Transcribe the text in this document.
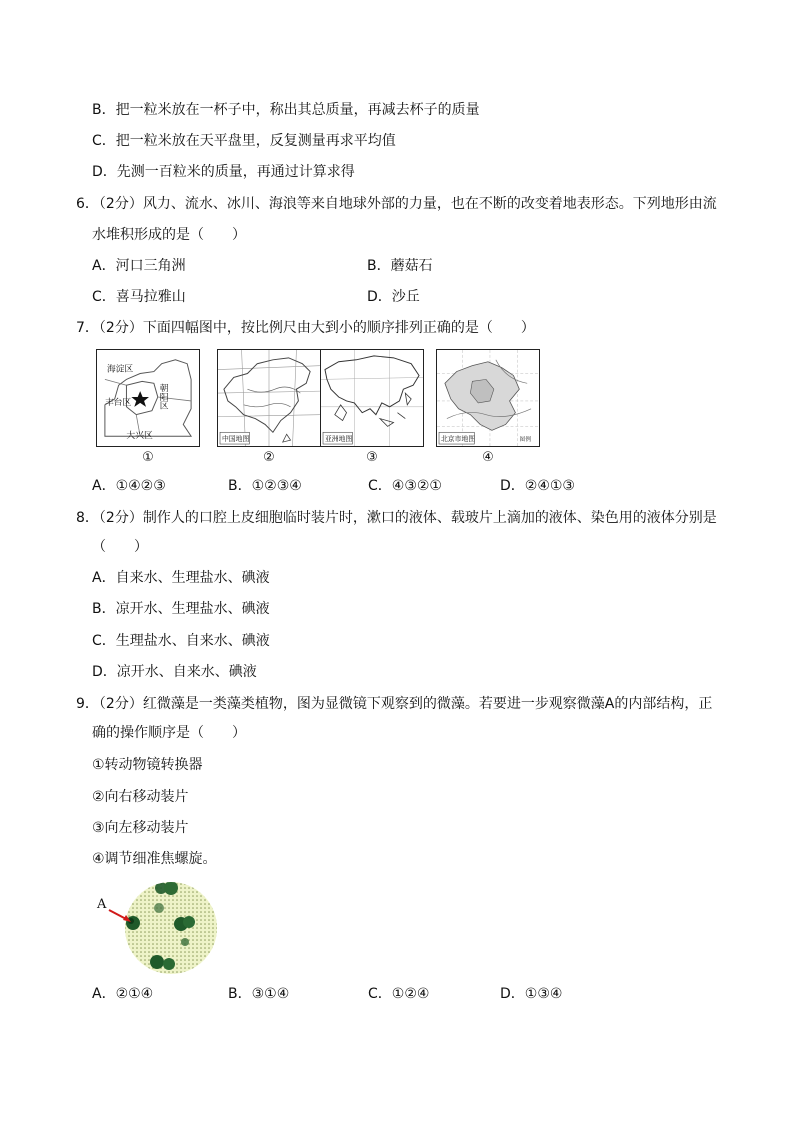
B．把一粒米放在一杯子中，称出其总质量，再减去杯子的质量
C．把一粒米放在天平盘里，反复测量再求平均值
D．先测一百粒米的质量，再通过计算求得
6．（2分）风力、流水、冰川、海浪等来自地球外部的力量，也在不断的改变着地表形态。下列地形由流
水堆积形成的是（　　）
A．河口三角洲	B．蘑菇石
C．喜马拉雅山	D．沙丘
7．（2分）下面四幅图中，按比例尺由大到小的顺序排列正确的是（　　）
海淀区
朝阳区
丰台区
大兴区
①
中国地图
②
亚洲地图
③
北京市地图	图例
④
A．①④②③	B．①②③④	C．④③②①	D．②④①③
8．（2分）制作人的口腔上皮细胞临时装片时，漱口的液体、载玻片上滴加的液体、染色用的液体分别是
（　　）
A．自来水、生理盐水、碘液
B．凉开水、生理盐水、碘液
C．生理盐水、自来水、碘液
D．凉开水、自来水、碘液
9．（2分）红微藻是一类藻类植物，图为显微镜下观察到的微藻。若要进一步观察微藻A的内部结构，正
确的操作顺序是（　　）
①转动物镜转换器
②向右移动装片
③向左移动装片
④调节细准焦螺旋。
A
A．②①④	B．③①④	C．①②④	D．①③④
